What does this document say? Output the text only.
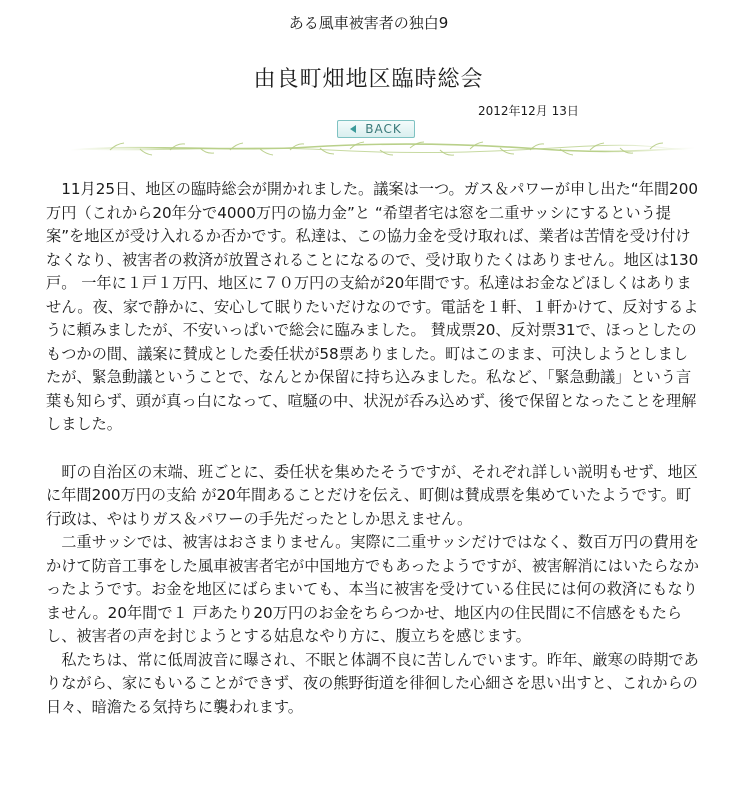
ある風車被害者の独白9
由良町畑地区臨時総会
2012年12月 13日
BACK

11月25日、地区の臨時総会が開かれました。議案は一つ。ガス＆パワーが申し出た“年間200万円（これから20年分で4000万円の協力金”と “希望者宅は窓を二重サッシにするという提案”を地区が受け入れるか否かです。私達は、この協力金を受け取れば、業者は苦情を受け付けなくなり、被害者の救済が放置されることになるので、受け取りたくはありません。地区は130戸。 一年に１戸１万円、地区に７０万円の支給が20年間です。私達はお金などほしくはありません。夜、家で静かに、安心して眠りたいだけなのです。電話を１軒、１軒かけて、反対するように頼みましたが、不安いっぱいで総会に臨みました。 賛成票20、反対票31で、ほっとしたのもつかの間、議案に賛成とした委任状が58票ありました。町はこのまま、可決しようとしましたが、緊急動議ということで、なんとか保留に持ち込みました。私など、「緊急動議」という言葉も知らず、頭が真っ白になって、喧騒の中、状況が呑み込めず、後で保留となったことを理解しました。

町の自治区の末端、班ごとに、委任状を集めたそうですが、それぞれ詳しい説明もせず、地区に年間200万円の支給 が20年間あることだけを伝え、町側は賛成票を集めていたようです。町行政は、やはりガス＆パワーの手先だったとしか思えません。

二重サッシでは、被害はおさまりません。実際に二重サッシだけではなく、数百万円の費用をかけて防音工事をした風車被害者宅が中国地方でもあったようですが、被害解消にはいたらなかったようです。お金を地区にばらまいても、本当に被害を受けている住民には何の救済にもなりません。20年間で１ 戸あたり20万円のお金をちらつかせ、地区内の住民間に不信感をもたらし、被害者の声を封じようとする姑息なやり方に、腹立ちを感じます。

私たちは、常に低周波音に曝され、不眠と体調不良に苦しんでいます。昨年、厳寒の時期でありながら、家にもいることができず、夜の熊野街道を徘徊した心細さを思い出すと、これからの日々、暗澹たる気持ちに襲われます。
